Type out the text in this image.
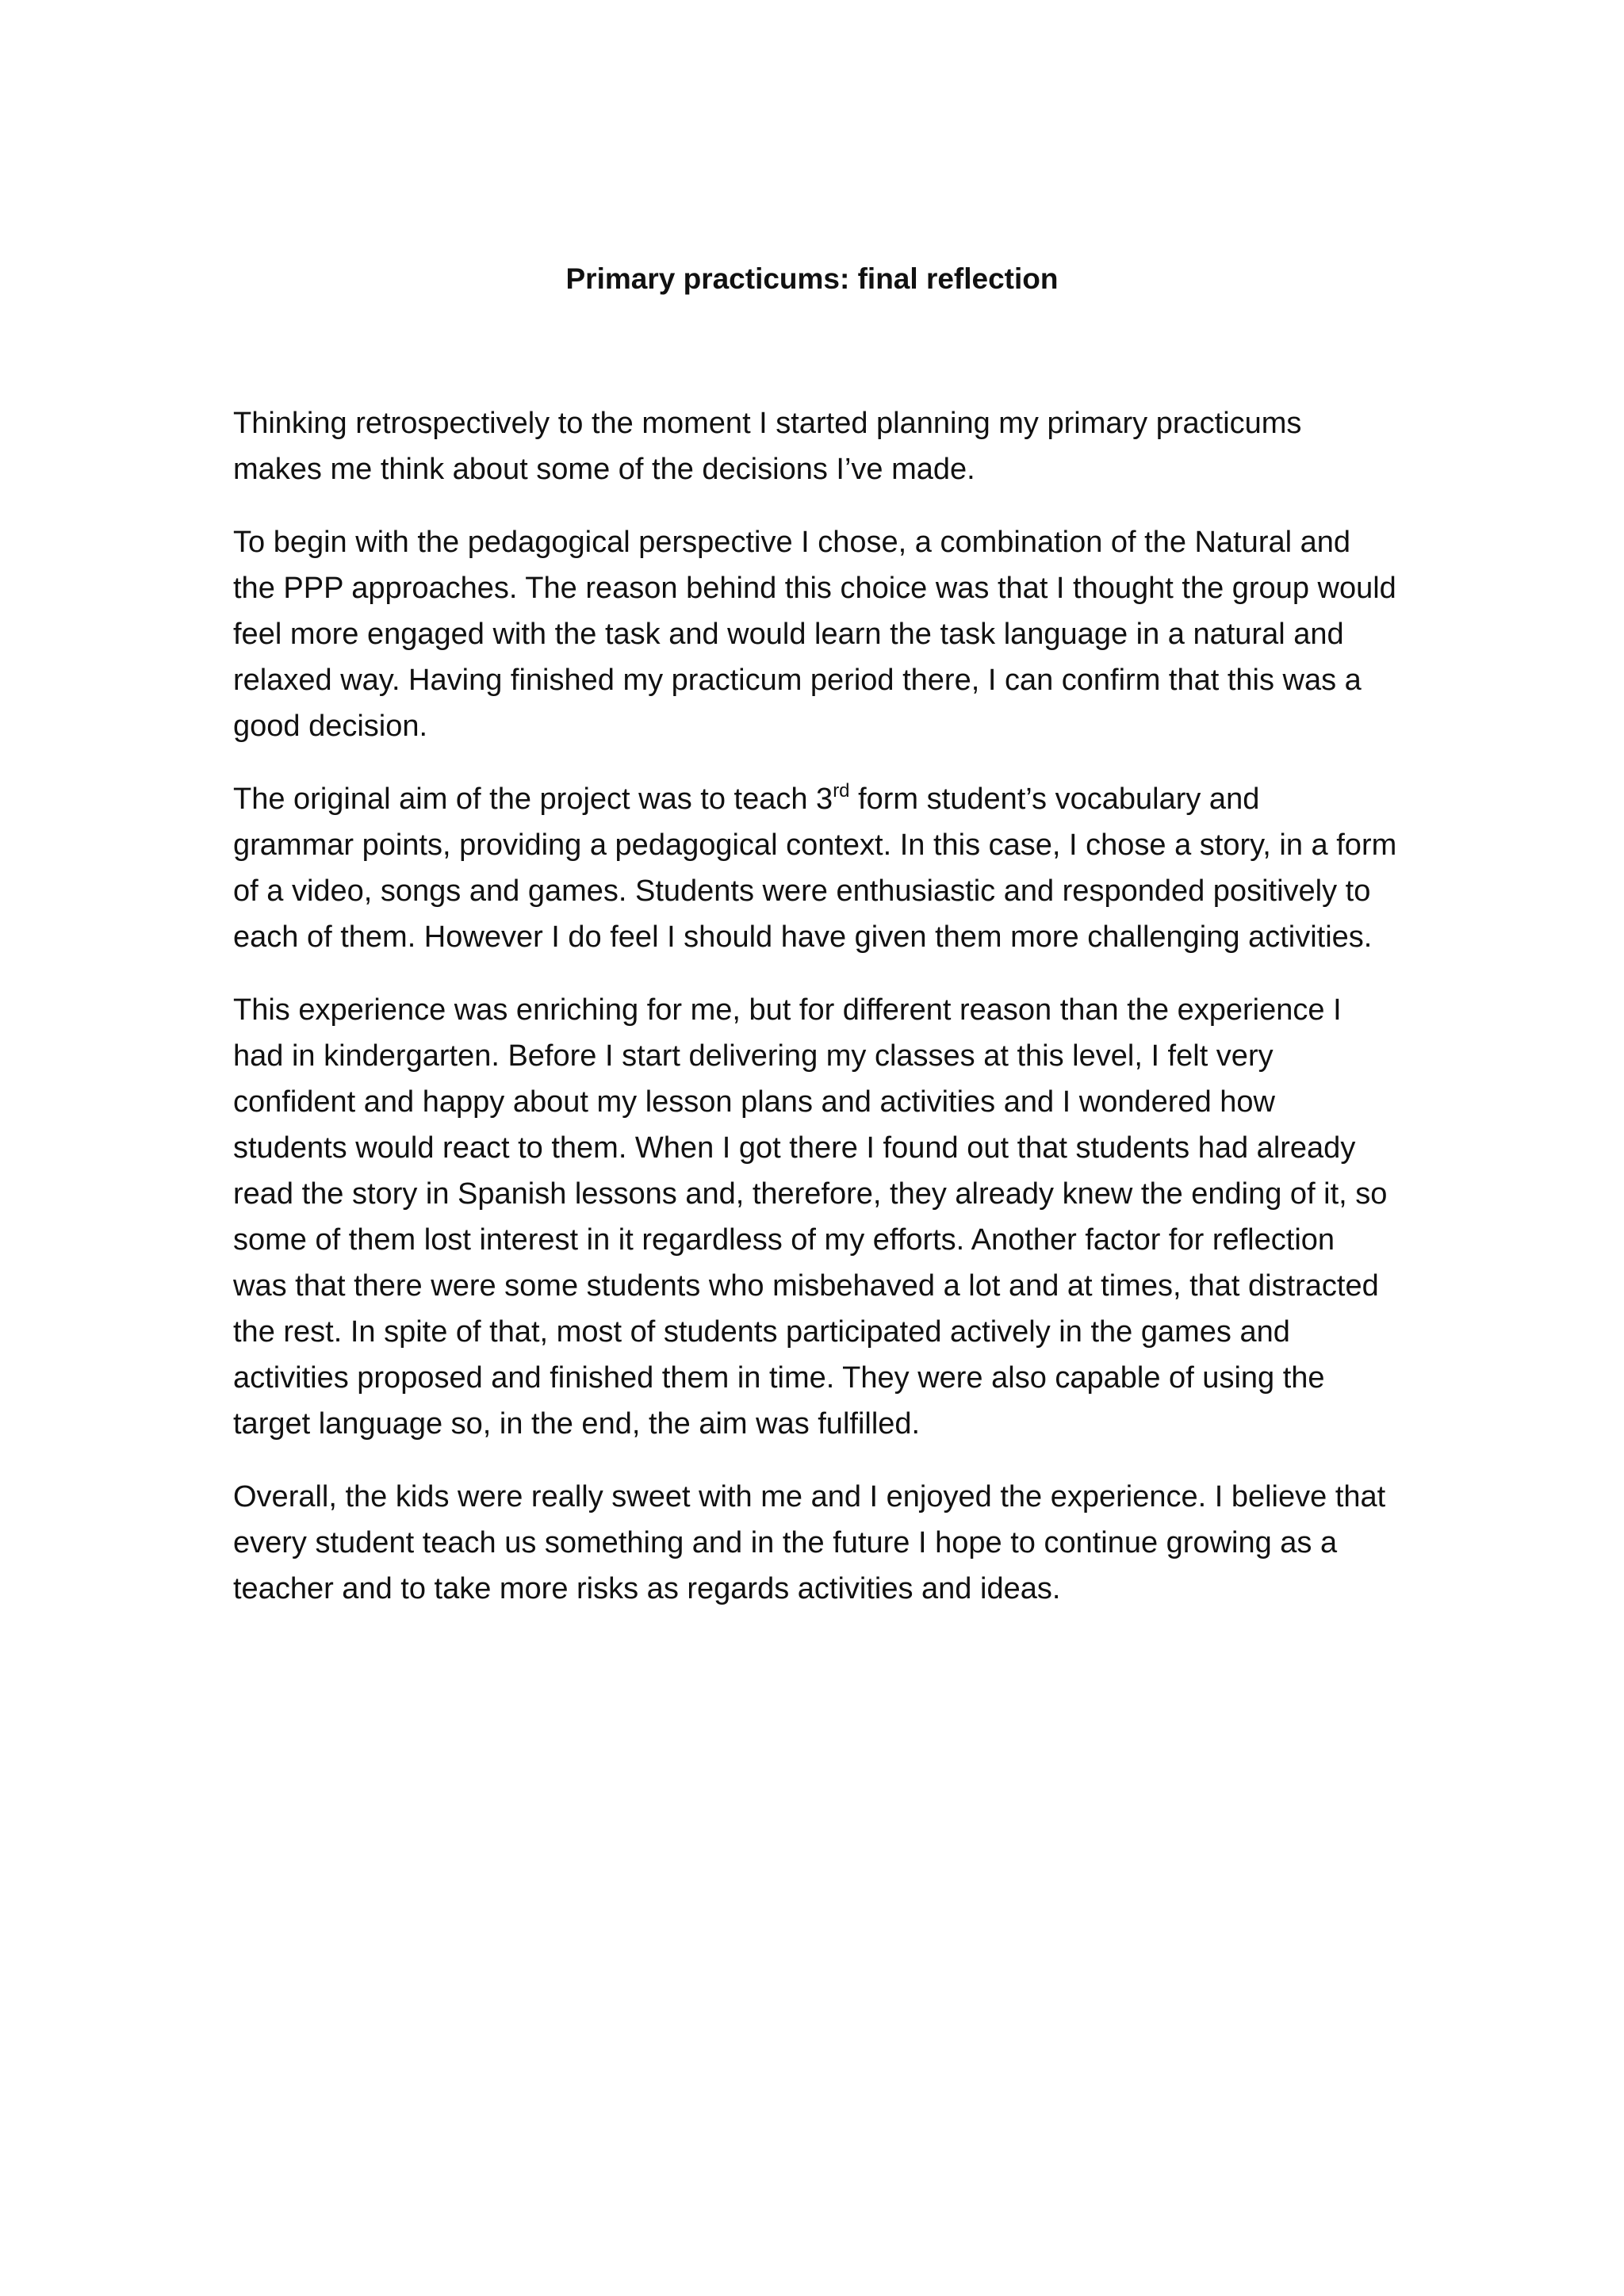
Primary practicums: final reflection

Thinking retrospectively to the moment I started planning my primary practicums
makes me think about some of the decisions I’ve made.

To begin with the pedagogical perspective I chose, a combination of the Natural and
the PPP approaches. The reason behind this choice was that I thought the group would
feel more engaged with the task and would learn the task language in a natural and
relaxed way. Having finished my practicum period there, I can confirm that this was a
good decision.

The original aim of the project was to teach 3rd form student’s vocabulary and
grammar points, providing a pedagogical context. In this case, I chose a story, in a form
of a video, songs and games. Students were enthusiastic and responded positively to
each of them. However I do feel I should have given them more challenging activities.

This experience was enriching for me, but for different reason than the experience I
had in kindergarten. Before I start delivering my classes at this level, I felt very
confident and happy about my lesson plans and activities and I wondered how
students would react to them. When I got there I found out that students had already
read the story in Spanish lessons and, therefore, they already knew the ending of it, so
some of them lost interest in it regardless of my efforts. Another factor for reflection
was that there were some students who misbehaved a lot and at times, that distracted
the rest. In spite of that, most of students participated actively in the games and
activities proposed and finished them in time. They were also capable of using the
target language so, in the end, the aim was fulfilled.

Overall, the kids were really sweet with me and I enjoyed the experience. I believe that
every student teach us something and in the future I hope to continue growing as a
teacher and to take more risks as regards activities and ideas.
